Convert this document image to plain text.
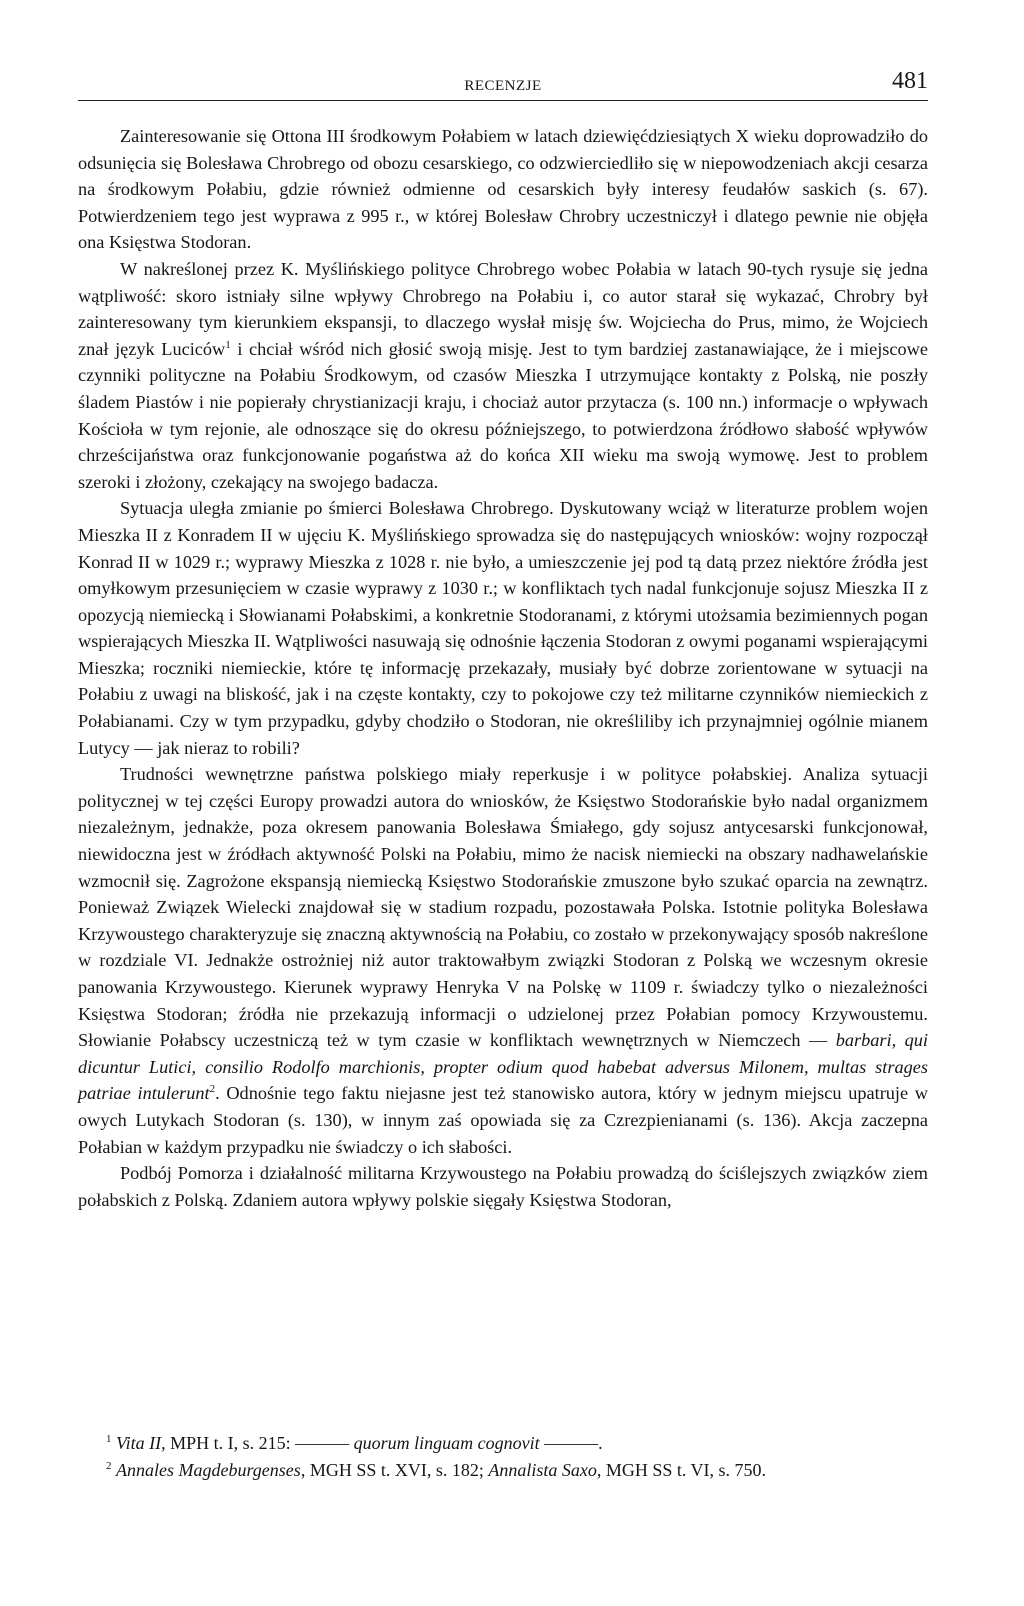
RECENZJE	481

Zainteresowanie się Ottona III środkowym Połabiem w latach dziewięćdziesiątych X wieku doprowadziło do odsunięcia się Bolesława Chrobrego od obozu cesarskiego, co odzwierciedliło się w niepowodzeniach akcji cesarza na środkowym Połabiu, gdzie również odmienne od cesarskich były interesy feudałów saskich (s. 67). Potwierdzeniem tego jest wyprawa z 995 r., w której Bolesław Chrobry uczestniczył i dlatego pewnie nie objęła ona Księstwa Stodoran.

W nakreślonej przez K. Myślińskiego polityce Chrobrego wobec Połabia w latach 90-tych rysuje się jedna wątpliwość: skoro istniały silne wpływy Chrobrego na Połabiu i, co autor starał się wykazać, Chrobry był zainteresowany tym kierunkiem ekspansji, to dlaczego wysłał misję św. Wojciecha do Prus, mimo, że Wojciech znał język Luciców$^1$ i chciał wśród nich głosić swoją misję. Jest to tym bardziej zastanawiające, że i miejscowe czynniki polityczne na Połabiu Środkowym, od czasów Mieszka I utrzymujące kontakty z Polską, nie poszły śladem Piastów i nie popierały chrystianizacji kraju, i chociaż autor przytacza (s. 100 nn.) informacje o wpływach Kościoła w tym rejonie, ale odnoszące się do okresu późniejszego, to potwierdzona źródłowo słabość wpływów chrześcijaństwa oraz funkcjonowanie pogaństwa aż do końca XII wieku ma swoją wymowę. Jest to problem szeroki i złożony, czekający na swojego badacza.

Sytuacja uległa zmianie po śmierci Bolesława Chrobrego. Dyskutowany wciąż w literaturze problem wojen Mieszka II z Konradem II w ujęciu K. Myślińskiego sprowadza się do następujących wniosków: wojny rozpoczął Konrad II w 1029 r.; wyprawy Mieszka z 1028 r. nie było, a umieszczenie jej pod tą datą przez niektóre źródła jest omyłkowym przesunięciem w czasie wyprawy z 1030 r.; w konfliktach tych nadal funkcjonuje sojusz Mieszka II z opozycją niemiecką i Słowianami Połabskimi, a konkretnie Stodoranami, z którymi utożsamia bezimiennych pogan wspierających Mieszka II. Wątpliwości nasuwają się odnośnie łączenia Stodoran z owymi poganami wspierającymi Mieszka; roczniki niemieckie, które tę informację przekazały, musiały być dobrze zorientowane w sytuacji na Połabiu z uwagi na bliskość, jak i na częste kontakty, czy to pokojowe czy też militarne czynników niemieckich z Połabianami. Czy w tym przypadku, gdyby chodziło o Stodoran, nie określiliby ich przynajmniej ogólnie mianem Lutycy — jak nieraz to robili?

Trudności wewnętrzne państwa polskiego miały reperkusje i w polityce połabskiej. Analiza sytuacji politycznej w tej części Europy prowadzi autora do wniosków, że Księstwo Stodorańskie było nadal organizmem niezależnym, jednakże, poza okresem panowania Bolesława Śmiałego, gdy sojusz antycesarski funkcjonował, niewidoczna jest w źródłach aktywność Polski na Połabiu, mimo że nacisk niemiecki na obszary nadhawelańskie wzmocnił się. Zagrożone ekspansją niemiecką Księstwo Stodorańskie zmuszone było szukać oparcia na zewnątrz. Ponieważ Związek Wielecki znajdował się w stadium rozpadu, pozostawała Polska. Istotnie polityka Bolesława Krzywoustego charakteryzuje się znaczną aktywnością na Połabiu, co zostało w przekonywający sposób nakreślone w rozdziale VI. Jednakże ostrożniej niż autor traktowałbym związki Stodoran z Polską we wczesnym okresie panowania Krzywoustego. Kierunek wyprawy Henryka V na Polskę w 1109 r. świadczy tylko o niezależności Księstwa Stodoran; źródła nie przekazują informacji o udzielonej przez Połabian pomocy Krzywoustemu. Słowianie Połabscy uczestniczą też w tym czasie w konfliktach wewnętrznych w Niemczech — barbari, qui dicuntur Lutici, consilio Rodolfo marchionis, propter odium quod habebat adversus Milonem, multas strages patriae intulerunt$^2$. Odnośnie tego faktu niejasne jest też stanowisko autora, który w jednym miejscu upatruje w owych Lutykach Stodoran (s. 130), w innym zaś opowiada się za Czrezpienianami (s. 136). Akcja zaczepna Połabian w każdym przypadku nie świadczy o ich słabości.

Podbój Pomorza i działalność militarna Krzywoustego na Połabiu prowadzą do ściślejszych związków ziem połabskich z Polską. Zdaniem autora wpływy polskie sięgały Księstwa Stodoran,

$^1$ Vita II, MPH t. I, s. 215: ——— quorum linguam cognovit ———.

$^2$ Annales Magdeburgenses, MGH SS t. XVI, s. 182; Annalista Saxo, MGH SS t. VI, s. 750.
